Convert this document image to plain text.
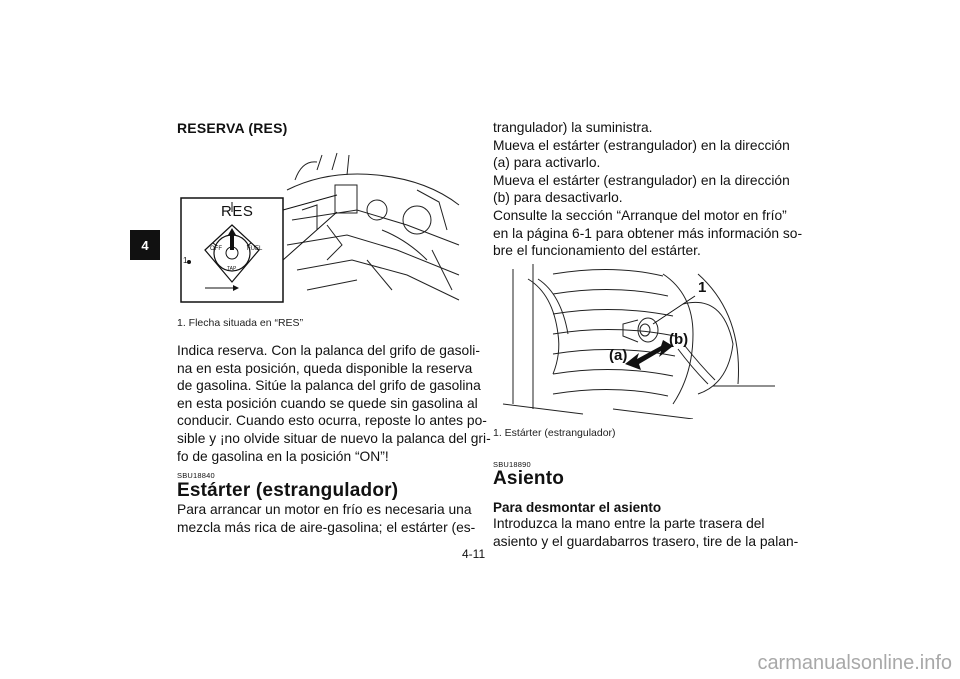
4
RESERVA (RES)
RES
OFF	FUEL
TAP
1
1. Flecha situada en “RES”
Indica reserva. Con la palanca del grifo de gasoli-
na en esta posición, queda disponible la reserva
de gasolina. Sitúe la palanca del grifo de gasolina
en esta posición cuando se quede sin gasolina al
conducir. Cuando esto ocurra, reposte lo antes po-
sible y ¡no olvide situar de nuevo la palanca del gri-
fo de gasolina en la posición “ON”!
SBU18840
Estárter (estrangulador)
Para arrancar un motor en frío es necesaria una
mezcla más rica de aire-gasolina; el estárter (es-
trangulador) la suministra.
Mueva el estárter (estrangulador) en la dirección
(a) para activarlo.
Mueva el estárter (estrangulador) en la dirección
(b) para desactivarlo.
Consulte la sección “Arranque del motor en frío”
en la página 6-1 para obtener más información so-
bre el funcionamiento del estárter.
1
(b)
(a)
1. Estárter (estrangulador)
SBU18890
Asiento
Para desmontar el asiento
Introduzca la mano entre la parte trasera del
asiento y el guardabarros trasero, tire de la palan-
4-11
carmanualsonline.info
